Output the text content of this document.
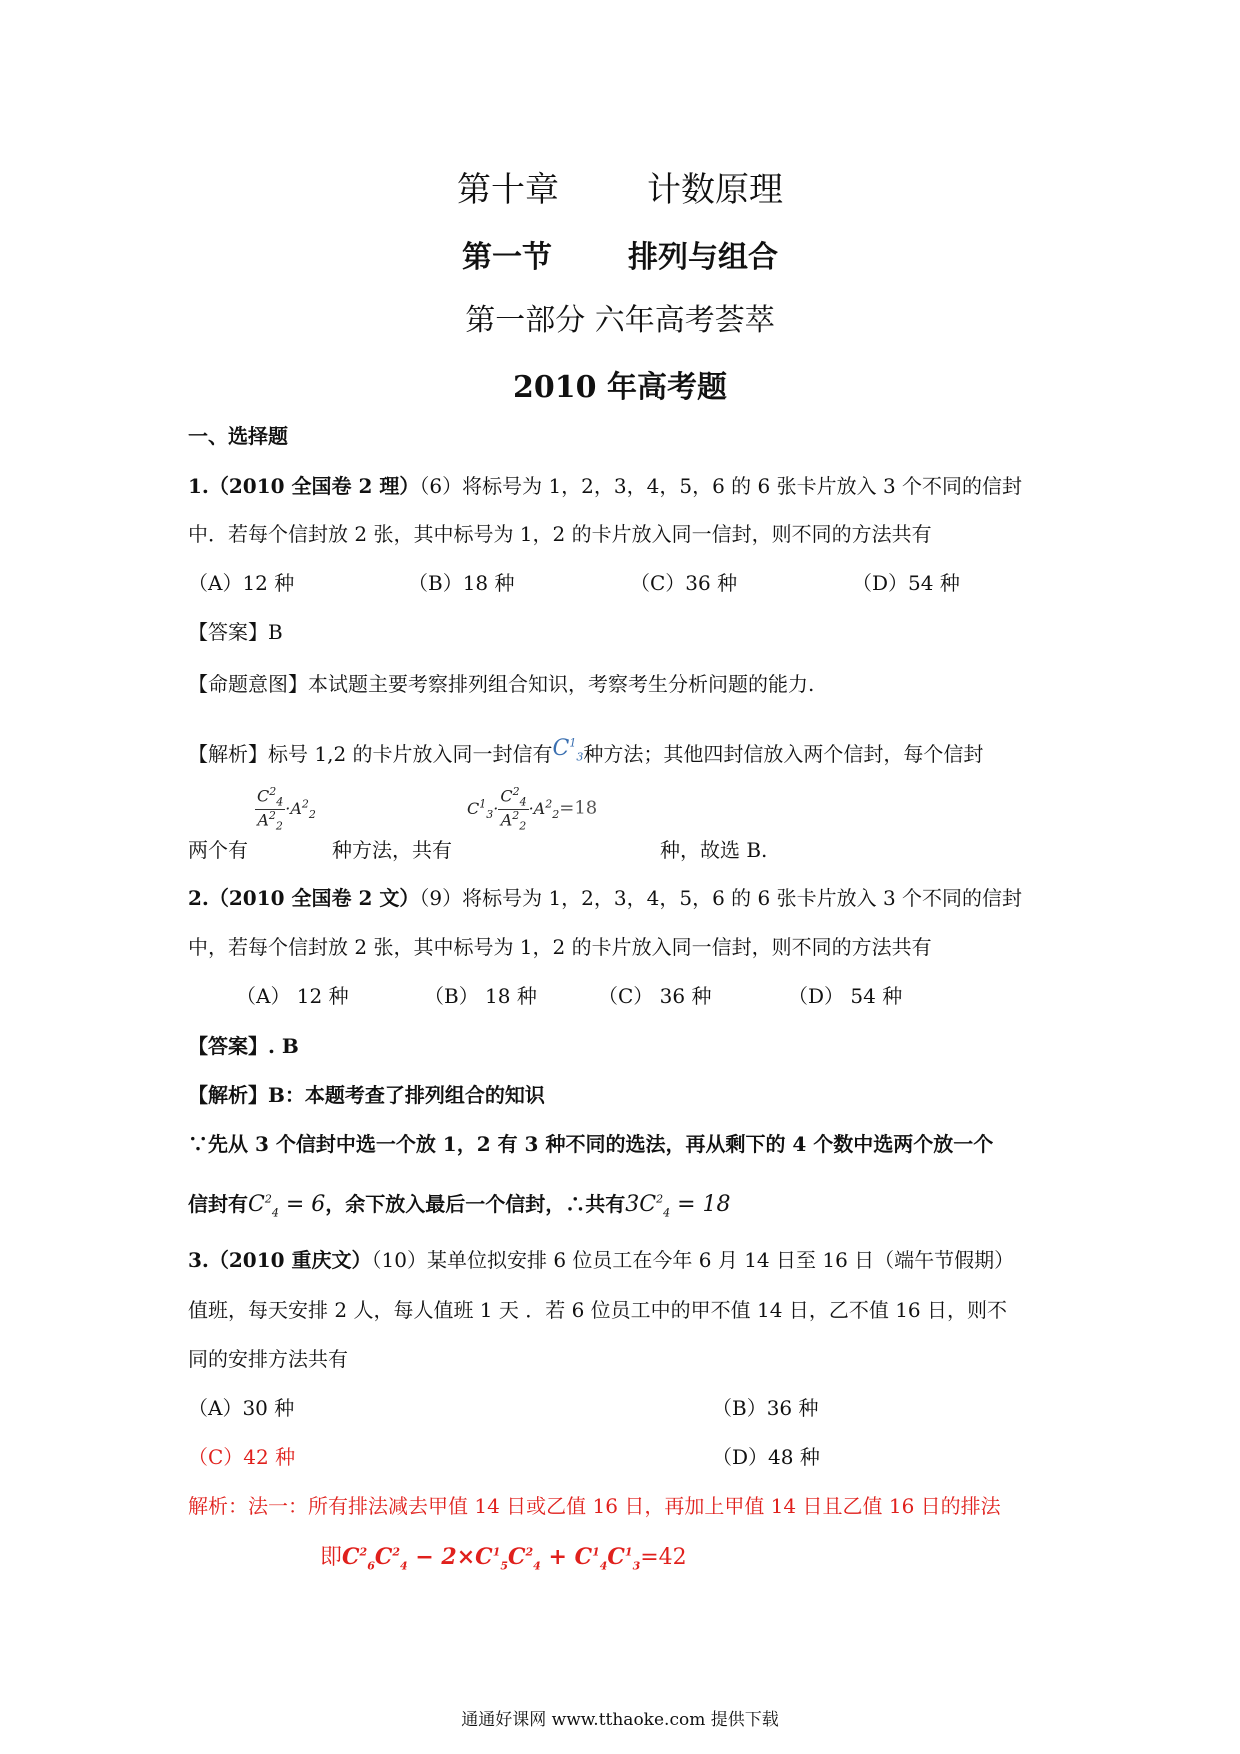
第十章	计数原理
第一节	排列与组合
第一部分 六年高考荟萃
2010 年高考题
一、选择题
1.（2010 全国卷 2 理）（6）将标号为 1，2，3，4，5，6 的 6 张卡片放入 3 个不同的信封
中．若每个信封放 2 张，其中标号为 1，2 的卡片放入同一信封，则不同的方法共有
（A）12 种	（B）18 种	（C）36 种	（D）54 种
【答案】B
【命题意图】本试题主要考察排列组合知识，考察考生分析问题的能力.
【解析】标号 1,2 的卡片放入同一封信有$C^1_3$种方法；其他四封信放入两个信封，每个信封
$\frac{C^2_4}{A^2_2} \cdot A^2_2$	$C^1_3\cdot \frac{C^2_4}{A^2_2} \cdot A^2_2=18$
两个有	种方法，共有	种，故选 B.
2.（2010 全国卷 2 文）（9）将标号为 1，2，3，4，5，6 的 6 张卡片放入 3 个不同的信封
中，若每个信封放 2 张，其中标号为 1，2 的卡片放入同一信封，则不同的方法共有
（A） 12 种	（B） 18 种	（C） 36 种	（D） 54 种
【答案】. B
【解析】B：本题考查了排列组合的知识
∵先从 3 个信封中选一个放 1，2 有 3 种不同的选法，再从剩下的 4 个数中选两个放一个
信封有$C^2_4 = 6$，余下放入最后一个信封，∴共有$3C^2_4 = 18$
3.（2010 重庆文）（10）某单位拟安排 6 位员工在今年 6 月 14 日至 16 日（端午节假期）
值班，每天安排 2 人，每人值班 1 天 ．若 6 位员工中的甲不值 14 日，乙不值 16 日，则不
同的安排方法共有
（A）30 种	（B）36 种
（C）42 种	（D）48 种
解析：法一：所有排法减去甲值 14 日或乙值 16 日，再加上甲值 14 日且乙值 16 日的排法
即$C^2_6C^2_4 - 2\times C^1_5C^2_4 + C^1_4C^1_3=42$
通通好课网 www.tthaoke.com 提供下载
